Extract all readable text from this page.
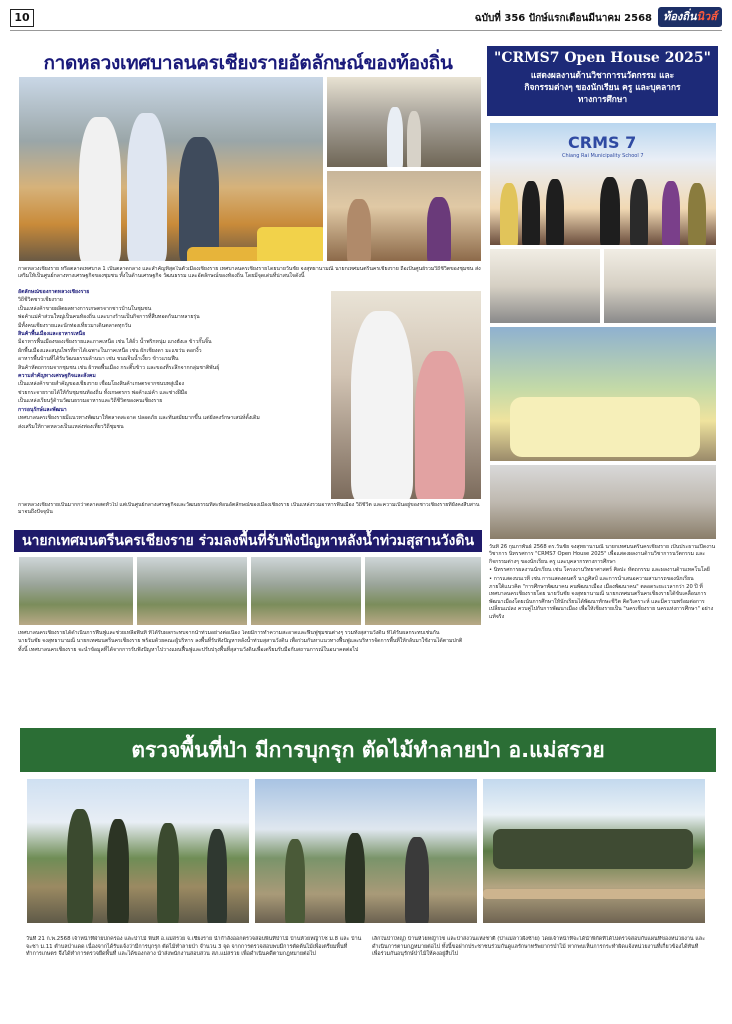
10	ฉบับที่ 356 ปักษ์แรกเดือนมีนาคม 2568	ท้องถิ่นนิวส์
กาดหลวงเทศบาลนครเชียงรายอัตลักษณ์ของท้องถิ่น

กาดหลวงเชียงราย หรือตลาดเทศบาล 1 เป็นตลาดกลาง และสำคัญที่สุดในตัวเมืองเชียงราย เทศบาลนครเชียงรายโดยนายวันชัย จงสุทธานามณี นายกเทศมนตรีนครเชียงราย ถือเป็นศูนย์รวมวิถีชีวิตของชุมชน ส่งเสริมให้เป็นศูนย์กลางทางเศรษฐกิจของชุมชน ทั้งในด้านเศรษฐกิจ วัฒนธรรม และอัตลักษณ์ของท้องถิ่น โดยมีจุดเด่นที่น่าสนใจดังนี้

อัตลักษณ์ของกาดหลวงเชียงราย

วิถีชีวิตชาวเชียงราย

เป็นแหล่งค้าขายผลิตผลทางการเกษตรจากชาวบ้านในชุมชน

พ่อค้าแม่ค้าส่วนใหญ่เป็นคนท้องถิ่น และบางร้านเป็นกิจการที่สืบทอดกันมาหลายรุ่น

มีทั้งคนเชียงรายและนักท่องเที่ยวมาเดินตลาดทุกวัน

สินค้าพื้นเมืองและอาหารเหนือ

มีอาหารพื้นเมืองของเชียงรายและภาคเหนือ เช่น ไส้อั่ว น้ำพริกหนุ่ม แกงฮังเล ข้าวกั๊นจิ๊น

ผักพื้นเมืองและสมุนไพรที่หาได้เฉพาะในภาคเหนือ เช่น ผักเชียงดา มะแขว่น ดอกงิ้ว

อาหารพื้นบ้านที่ได้รับวัฒนธรรมล้านนา เช่น ขนมจีนน้ำเงี้ยว ข้าวแรมฟืน

สินค้าหัตถกรรมจากชุมชน เช่น ผ้าทอพื้นเมือง กระติ๊บข้าว และของที่ระลึกจากกลุ่มชาติพันธุ์

ความสำคัญทางเศรษฐกิจและสังคม

เป็นแหล่งค้าขายสำคัญของเชียงราย เชื่อมโยงสินค้าเกษตรจากชนบทสู่เมือง

ช่วยกระจายรายได้ให้กับชุมชนท้องถิ่น ทั้งเกษตรกร พ่อค้าแม่ค้า และช่างฝีมือ

เป็นแหล่งเรียนรู้ด้านวัฒนธรรมอาหารและวิถีชีวิตของคนเชียงราย

การอนุรักษ์และพัฒนา

เทศบาลนครเชียงรายมีแนวทางพัฒนาให้ตลาดสะอาด ปลอดภัย และทันสมัยมากขึ้น แต่ยังคงรักษาเสน่ห์ดั้งเดิม

ส่งเสริมให้กาดหลวงเป็นแหล่งท่องเที่ยววิถีชุมชน

กาดหลวงเชียงรายเป็นมากกว่าตลาดสดทั่วไป แต่เป็นศูนย์กลางเศรษฐกิจและวัฒนธรรมที่สะท้อนอัตลักษณ์ของเมืองเชียงราย เป็นแหล่งรวมอาหารพื้นเมือง วิถีชีวิต และความเป็นอยู่ของชาวเชียงรายที่ยังคงสืบสานมาจนถึงปัจจุบัน

นายกเทศมนตรีนครเชียงราย ร่วมลงพื้นที่รับฟังปัญหาหลังน้ำท่วมสุสานวังดิน

เทศบาลนครเชียงรายได้ดำเนินการฟื้นฟูและช่วยเหลือพื้นที่ ที่ได้รับผลกระทบจากน้ำท่วมอย่างต่อเนื่อง โดยมีการทำความสะอาดและฟื้นฟูชุมชนต่างๆ รวมทั้งสุสานวังดิน ที่ได้รับผลกระทบเช่นกัน

นายวันชัย จงสุทธานามณี นายกเทศมนตรีนครเชียงราย พร้อมด้วยคณะผู้บริหาร ลงพื้นที่รับฟังปัญหาหลังน้ำท่วมสุสานวังดิน เพื่อร่วมกันหาแนวทางฟื้นฟูและบริหารจัดการพื้นที่ให้กลับมาใช้งานได้ตามปกติ

ทั้งนี้ เทศบาลนครเชียงราย จะนำข้อมูลที่ได้จากการรับฟังปัญหาไปวางแผนฟื้นฟูและปรับปรุงพื้นที่สุสานวังดินเพื่อเตรียมรับมือกับสถานการณ์ในอนาคตต่อไป

"CRMS7 Open House 2025"
แสดงผลงานด้านวิชาการนวัตกรรม และ
กิจกรรมต่างๆ ของนักเรียน ครู และบุคลากร
ทางการศึกษา
CRMS 7
Chiang Rai Municipality School 7

วันที่ 26 กุมภาพันธ์ 2568 ดร.วันชัย จงสุทธานามณี นายกเทศมนตรีนครเชียงราย เป็นประธานเปิดงานวิชาการ นิทรรศการ "CRMS7 Open House 2025" เพื่อแสดงผลงานด้านวิชาการนวัตกรรม และกิจกรรมต่างๆ ของนักเรียน ครู และบุคลากรทางการศึกษา

• นิทรรศการผลงานนักเรียน เช่น โครงงานวิทยาศาสตร์ ศิลปะ หัตถกรรม และผลงานด้านเทคโนโลยี

• การแสดงบนเวที เช่น การแสดงดนตรี นาฏศิลป์ และการนำเสนอความสามารถของนักเรียน

ภายใต้แนวคิด "การศึกษาพัฒนาคน คนพัฒนาเมือง เมืองพัฒนาคน" ตลอดระยะเวลากว่า 20 ปี ที่เทศบาลนครเชียงรายโดย นายวันชัย จงสุทธานามณี นายกเทศมนตรีนครเชียงรายได้ขับเคลื่อนการพัฒนาเมืองโดยเน้นการศึกษาให้นักเรียนได้พัฒนาทักษะชีวิต คิดวิเคราะห์ และมีความพร้อมต่อการเปลี่ยนแปลง ควบคู่ไปกับการพัฒนาเมือง เพื่อให้เชียงรายเป็น "นครเชียงราย นครแห่งการศึกษา" อย่างแท้จริง

ตรวจพื้นที่ป่า มีการบุกรุก ตัดไม้ทำลายป่า อ.แม่สรวย
วันที่ 21 ก.พ.2568 เจ้าหน้าที่ฝ่ายปกครอง และป่าไม้ พื้นที่ อ.แม่สรวย จ.เชียงราย นำกำลังออกตรวจสอบพื้นที่ป่าไม้ บ้านห้วยหญ้าไซ ม.8 และ บ้านจะชา ม.11 ตำบลป่าแดด เนื่องจากได้รับแจ้งว่ามีการบุกรุก ตัดไม้ทำลายป่า จำนวน 3 จุด จากการตรวจสอบพบมีการตัดต้นไม้เพื่อเตรียมพื้นที่ทำการเกษตร จึงได้ทำการตรวจยึดพื้นที่ และได้ของกลาง นำส่งพนักงานสอบสวน สภ.แม่สรวย เพื่อดำเนินคดีตามกฎหมายต่อไป
เล็กในป่าใหญ่) บ้านห้วยหญ้าไซ และป่าสงวนแห่งชาติ (ป่าแม่ลาวฝั่งซ้าย) โดยเจ้าหน้าที่จะได้นำพิกัดที่ได้ไปตรวจสอบกับแผนที่ของหน่วยงาน และดำเนินการตามกฎหมายต่อไป ทั้งนี้ขอฝากประชาชนร่วมกันดูแลรักษาทรัพยากรป่าไม้ หากพบเห็นการกระทำผิดแจ้งหน่วยงานที่เกี่ยวข้องได้ทันที เพื่อร่วมกันอนุรักษ์ป่าไม้ให้คงอยู่สืบไป
